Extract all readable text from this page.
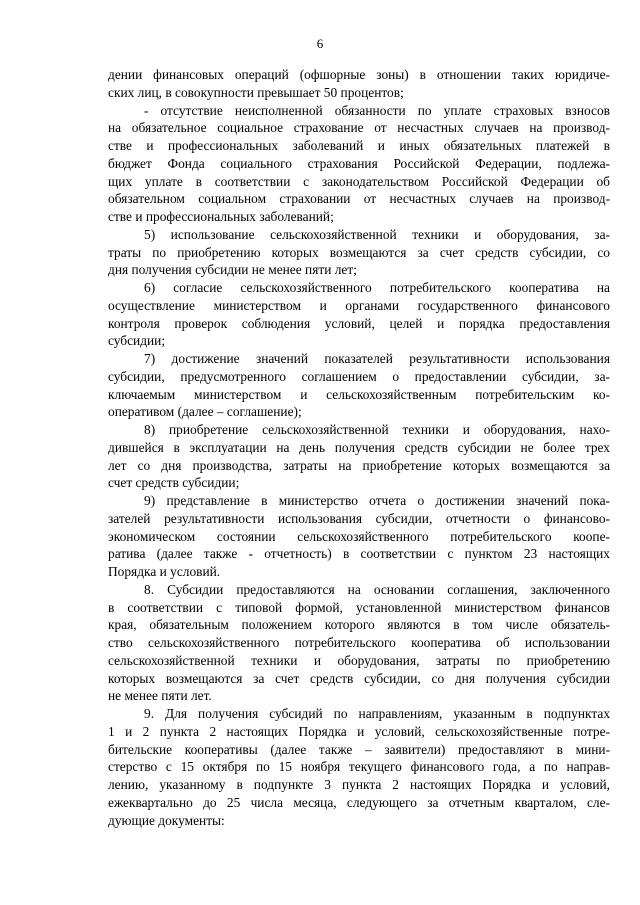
6
дении финансовых операций (офшорные зоны) в отношении таких юридиче-
ских лиц, в совокупности превышает 50 процентов;
- отсутствие неисполненной обязанности по уплате страховых взносов
на обязательное социальное страхование от несчастных случаев на производ-
стве и профессиональных заболеваний и иных обязательных платежей в
бюджет Фонда социального страхования Российской Федерации, подлежа-
щих уплате в соответствии с законодательством Российской Федерации об
обязательном социальном страховании от несчастных случаев на производ-
стве и профессиональных заболеваний;
5) использование сельскохозяйственной техники и оборудования, за-
траты по приобретению которых возмещаются за счет средств субсидии, со
дня получения субсидии не менее пяти лет;
6) согласие сельскохозяйственного потребительского кооператива на
осуществление министерством и органами государственного финансового
контроля проверок соблюдения условий, целей и порядка предоставления
субсидии;
7) достижение значений показателей результативности использования
субсидии, предусмотренного соглашением о предоставлении субсидии, за-
ключаемым министерством и сельскохозяйственным потребительским ко-
оперативом (далее – соглашение);
8) приобретение сельскохозяйственной техники и оборудования, нахо-
дившейся в эксплуатации на день получения средств субсидии не более трех
лет со дня производства, затраты на приобретение которых возмещаются за
счет средств субсидии;
9) представление в министерство отчета о достижении значений пока-
зателей результативности использования субсидии, отчетности о финансово-
экономическом состоянии сельскохозяйственного потребительского коопе-
ратива (далее также - отчетность) в соответствии с пунктом 23 настоящих
Порядка и условий.
8. Субсидии предоставляются на основании соглашения, заключенного
в соответствии с типовой формой, установленной министерством финансов
края, обязательным положением которого являются в том числе обязатель-
ство сельскохозяйственного потребительского кооператива об использовании
сельскохозяйственной техники и оборудования, затраты по приобретению
которых возмещаются за счет средств субсидии, со дня получения субсидии
не менее пяти лет.
9. Для получения субсидий по направлениям, указанным в подпунктах
1 и 2 пункта 2 настоящих Порядка и условий, сельскохозяйственные потре-
бительские кооперативы (далее также – заявители) предоставляют в мини-
стерство с 15 октября по 15 ноября текущего финансового года, а по направ-
лению, указанному в подпункте 3 пункта 2 настоящих Порядка и условий,
ежеквартально до 25 числа месяца, следующего за отчетным кварталом, сле-
дующие документы:
